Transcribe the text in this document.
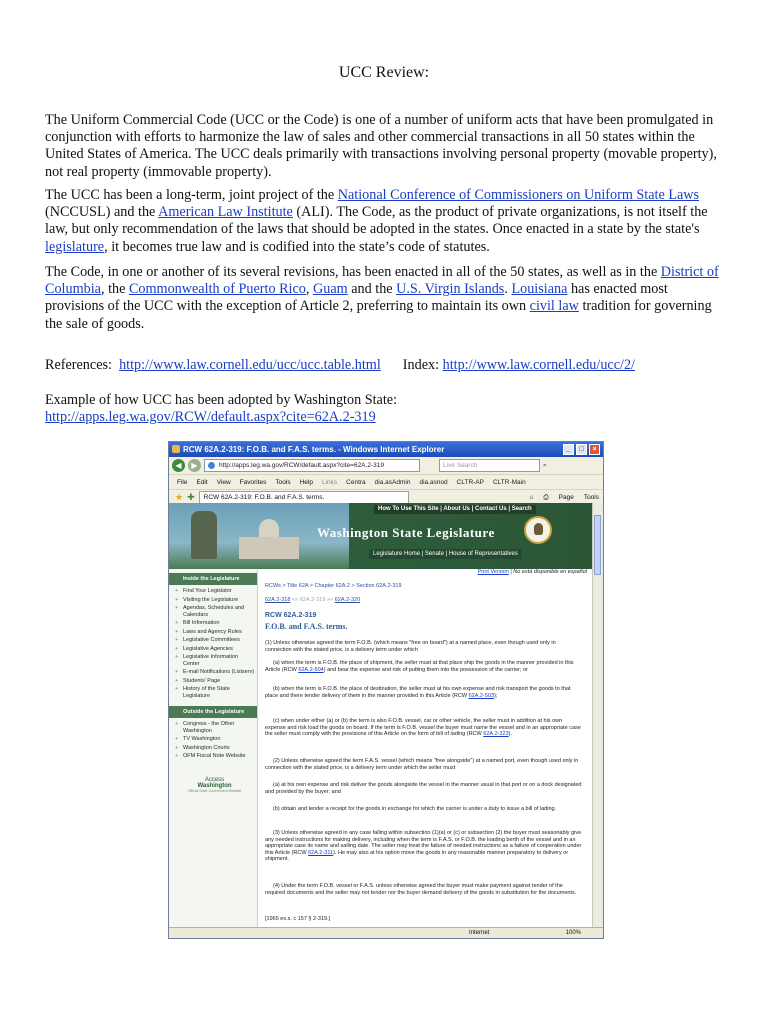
UCC Review:

The Uniform Commercial Code (UCC or the Code) is one of a number of uniform acts that have been promulgated in conjunction with efforts to harmonize the law of sales and other commercial transactions in all 50 states within the United States of America. The UCC deals primarily with transactions involving personal property (movable property), not real property (immovable property).

The UCC has been a long-term, joint project of the National Conference of Commissioners on Uniform State Laws (NCCUSL) and the American Law Institute (ALI). The Code, as the product of private organizations, is not itself the law, but only recommendation of the laws that should be adopted in the states. Once enacted in a state by the state's legislature, it becomes true law and is codified into the state’s code of statutes.

The Code, in one or another of its several revisions, has been enacted in all of the 50 states, as well as in the District of Columbia, the Commonwealth of Puerto Rico, Guam and the U.S. Virgin Islands. Louisiana has enacted most provisions of the UCC with the exception of Article 2, preferring to maintain its own civil law tradition for governing the sale of goods.

References: http://www.law.cornell.edu/ucc/ucc.table.html Index: http://www.law.cornell.edu/ucc/2/

Example of how UCC has been adopted by Washington State:
http://apps.leg.wa.gov/RCW/default.aspx?cite=62A.2-319

RCW 62A.2-319: F.O.B. and F.A.S. terms. - Windows Internet Explorer	_	□	×
◀	▶	http://apps.leg.wa.gov/RCW/default.aspx?cite=62A.2-319	Live Search	⌕
File Edit View Favorites Tools Help Links Centra dia.asAdmin dia.asnod CLTR-AP CLTR-Main
★ ✚	RCW 62A.2-319: F.O.B. and F.A.S. terms.	⌂ ⎙ Page Tools
How To Use This Site | About Us | Contact Us | Search
Washington State Legislature
Legislature Home | Senate | House of Representatives
Inside the Legislature
+ Find Your Legislator
+ Visiting the Legislature
+ Agendas, Schedules and Calendars
+ Bill Information
+ Laws and Agency Rules
+ Legislative Committees
+ Legislative Agencies
+ Legislative Information Center
+ E-mail Notifications (Listserv)
+ Students' Page
+ History of the State Legislature
Outside the Legislature
+ Congress - the Other Washington
+ TV Washington
+ Washington Courts
+ OFM Fiscal Note Website
Access
Washington
Official State Government Website
Print Version | No está disponible en español
RCWs > Title 62A > Chapter 62A.2 > Section 62A.2-319
62A.2-318 << 62A.2-319 >> 62A.2-320
RCW 62A.2-319
F.O.B. and F.A.S. terms.

(1) Unless otherwise agreed the term F.O.B. (which means "free on board") at a named place, even though used only in connection with the stated price, is a delivery term under which

(a) when the term is F.O.B. the place of shipment, the seller must at that place ship the goods in the manner provided in this Article (RCW 62A.2-504) and bear the expense and risk of putting them into the possession of the carrier; or

(b) when the term is F.O.B. the place of destination, the seller must at his own expense and risk transport the goods to that place and there tender delivery of them in the manner provided in this Article (RCW 62A.2-503);

(c) when under either (a) or (b) the term is also F.O.B. vessel, car or other vehicle, the seller must in addition at his own expense and risk load the goods on board. If the term is F.O.B. vessel the buyer must name the vessel and in an appropriate case the seller must comply with the provisions of this Article on the form of bill of lading (RCW 62A.2-323).

(2) Unless otherwise agreed the term F.A.S. vessel (which means "free alongside") at a named port, even though used only in connection with the stated price, is a delivery term under which the seller must

(a) at his own expense and risk deliver the goods alongside the vessel in the manner usual in that port or on a dock designated and provided by the buyer; and

(b) obtain and tender a receipt for the goods in exchange for which the carrier is under a duty to issue a bill of lading.

(3) Unless otherwise agreed in any case falling within subsection (1)(a) or (c) or subsection (2) the buyer must seasonably give any needed instructions for making delivery, including when the term is F.A.S. or F.O.B. the loading berth of the vessel and in an appropriate case its name and sailing date. The seller may treat the failure of needed instructions as a failure of cooperation under this Article (RCW 62A.2-311). He may also at his option move the goods in any reasonable manner preparatory to delivery or shipment.

(4) Under the term F.O.B. vessel or F.A.S. unless otherwise agreed the buyer must make payment against tender of the required documents and the seller may not tender nor the buyer demand delivery of the goods in substitution for the documents.

[1965 ex.s. c 157 § 2-319.]

Internet	100%
